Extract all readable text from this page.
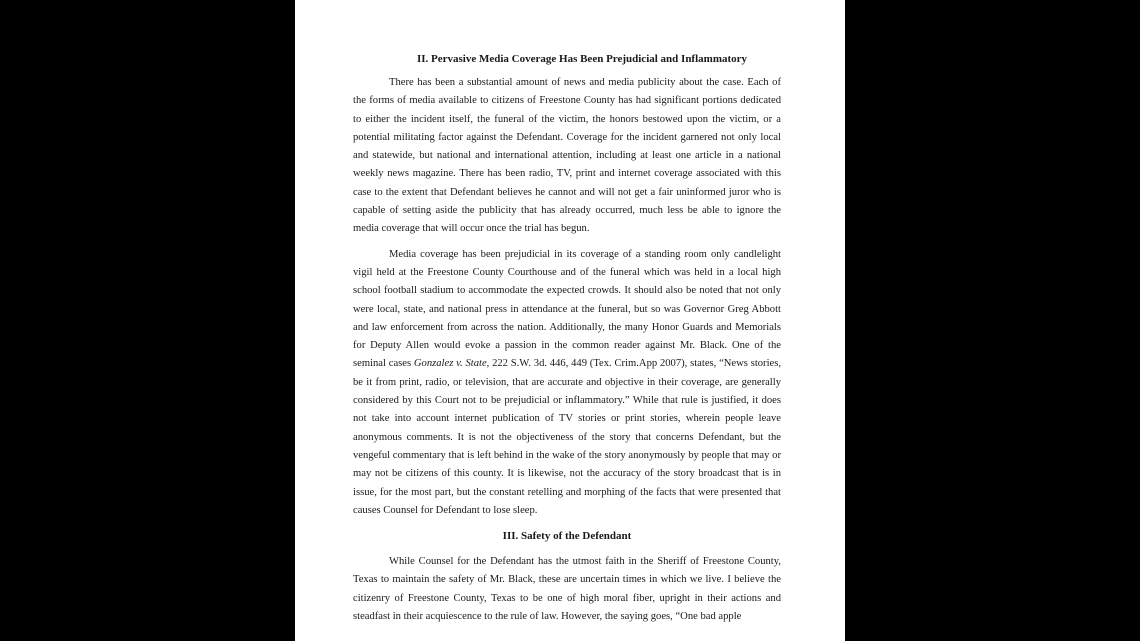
II. Pervasive Media Coverage Has Been Prejudicial and Inflammatory

There has been a substantial amount of news and media publicity about the case. Each of the forms of media available to citizens of Freestone County has had significant portions dedicated to either the incident itself, the funeral of the victim, the honors bestowed upon the victim, or a potential militating factor against the Defendant. Coverage for the incident garnered not only local and statewide, but national and international attention, including at least one article in a national weekly news magazine. There has been radio, TV, print and internet coverage associated with this case to the extent that Defendant believes he cannot and will not get a fair uninformed juror who is capable of setting aside the publicity that has already occurred, much less be able to ignore the media coverage that will occur once the trial has begun.

Media coverage has been prejudicial in its coverage of a standing room only candlelight vigil held at the Freestone County Courthouse and of the funeral which was held in a local high school football stadium to accommodate the expected crowds. It should also be noted that not only were local, state, and national press in attendance at the funeral, but so was Governor Greg Abbott and law enforcement from across the nation. Additionally, the many Honor Guards and Memorials for Deputy Allen would evoke a passion in the common reader against Mr. Black. One of the seminal cases Gonzalez v. State, 222 S.W. 3d. 446, 449 (Tex. Crim.App 2007), states, “News stories, be it from print, radio, or television, that are accurate and objective in their coverage, are generally considered by this Court not to be prejudicial or inflammatory.” While that rule is justified, it does not take into account internet publication of TV stories or print stories, wherein people leave anonymous comments. It is not the objectiveness of the story that concerns Defendant, but the vengeful commentary that is left behind in the wake of the story anonymously by people that may or may not be citizens of this county. It is likewise, not the accuracy of the story broadcast that is in issue, for the most part, but the constant retelling and morphing of the facts that were presented that causes Counsel for Defendant to lose sleep.

III. Safety of the Defendant

While Counsel for the Defendant has the utmost faith in the Sheriff of Freestone County, Texas to maintain the safety of Mr. Black, these are uncertain times in which we live. I believe the citizenry of Freestone County, Texas to be one of high moral fiber, upright in their actions and steadfast in their acquiescence to the rule of law. However, the saying goes, “One bad apple
